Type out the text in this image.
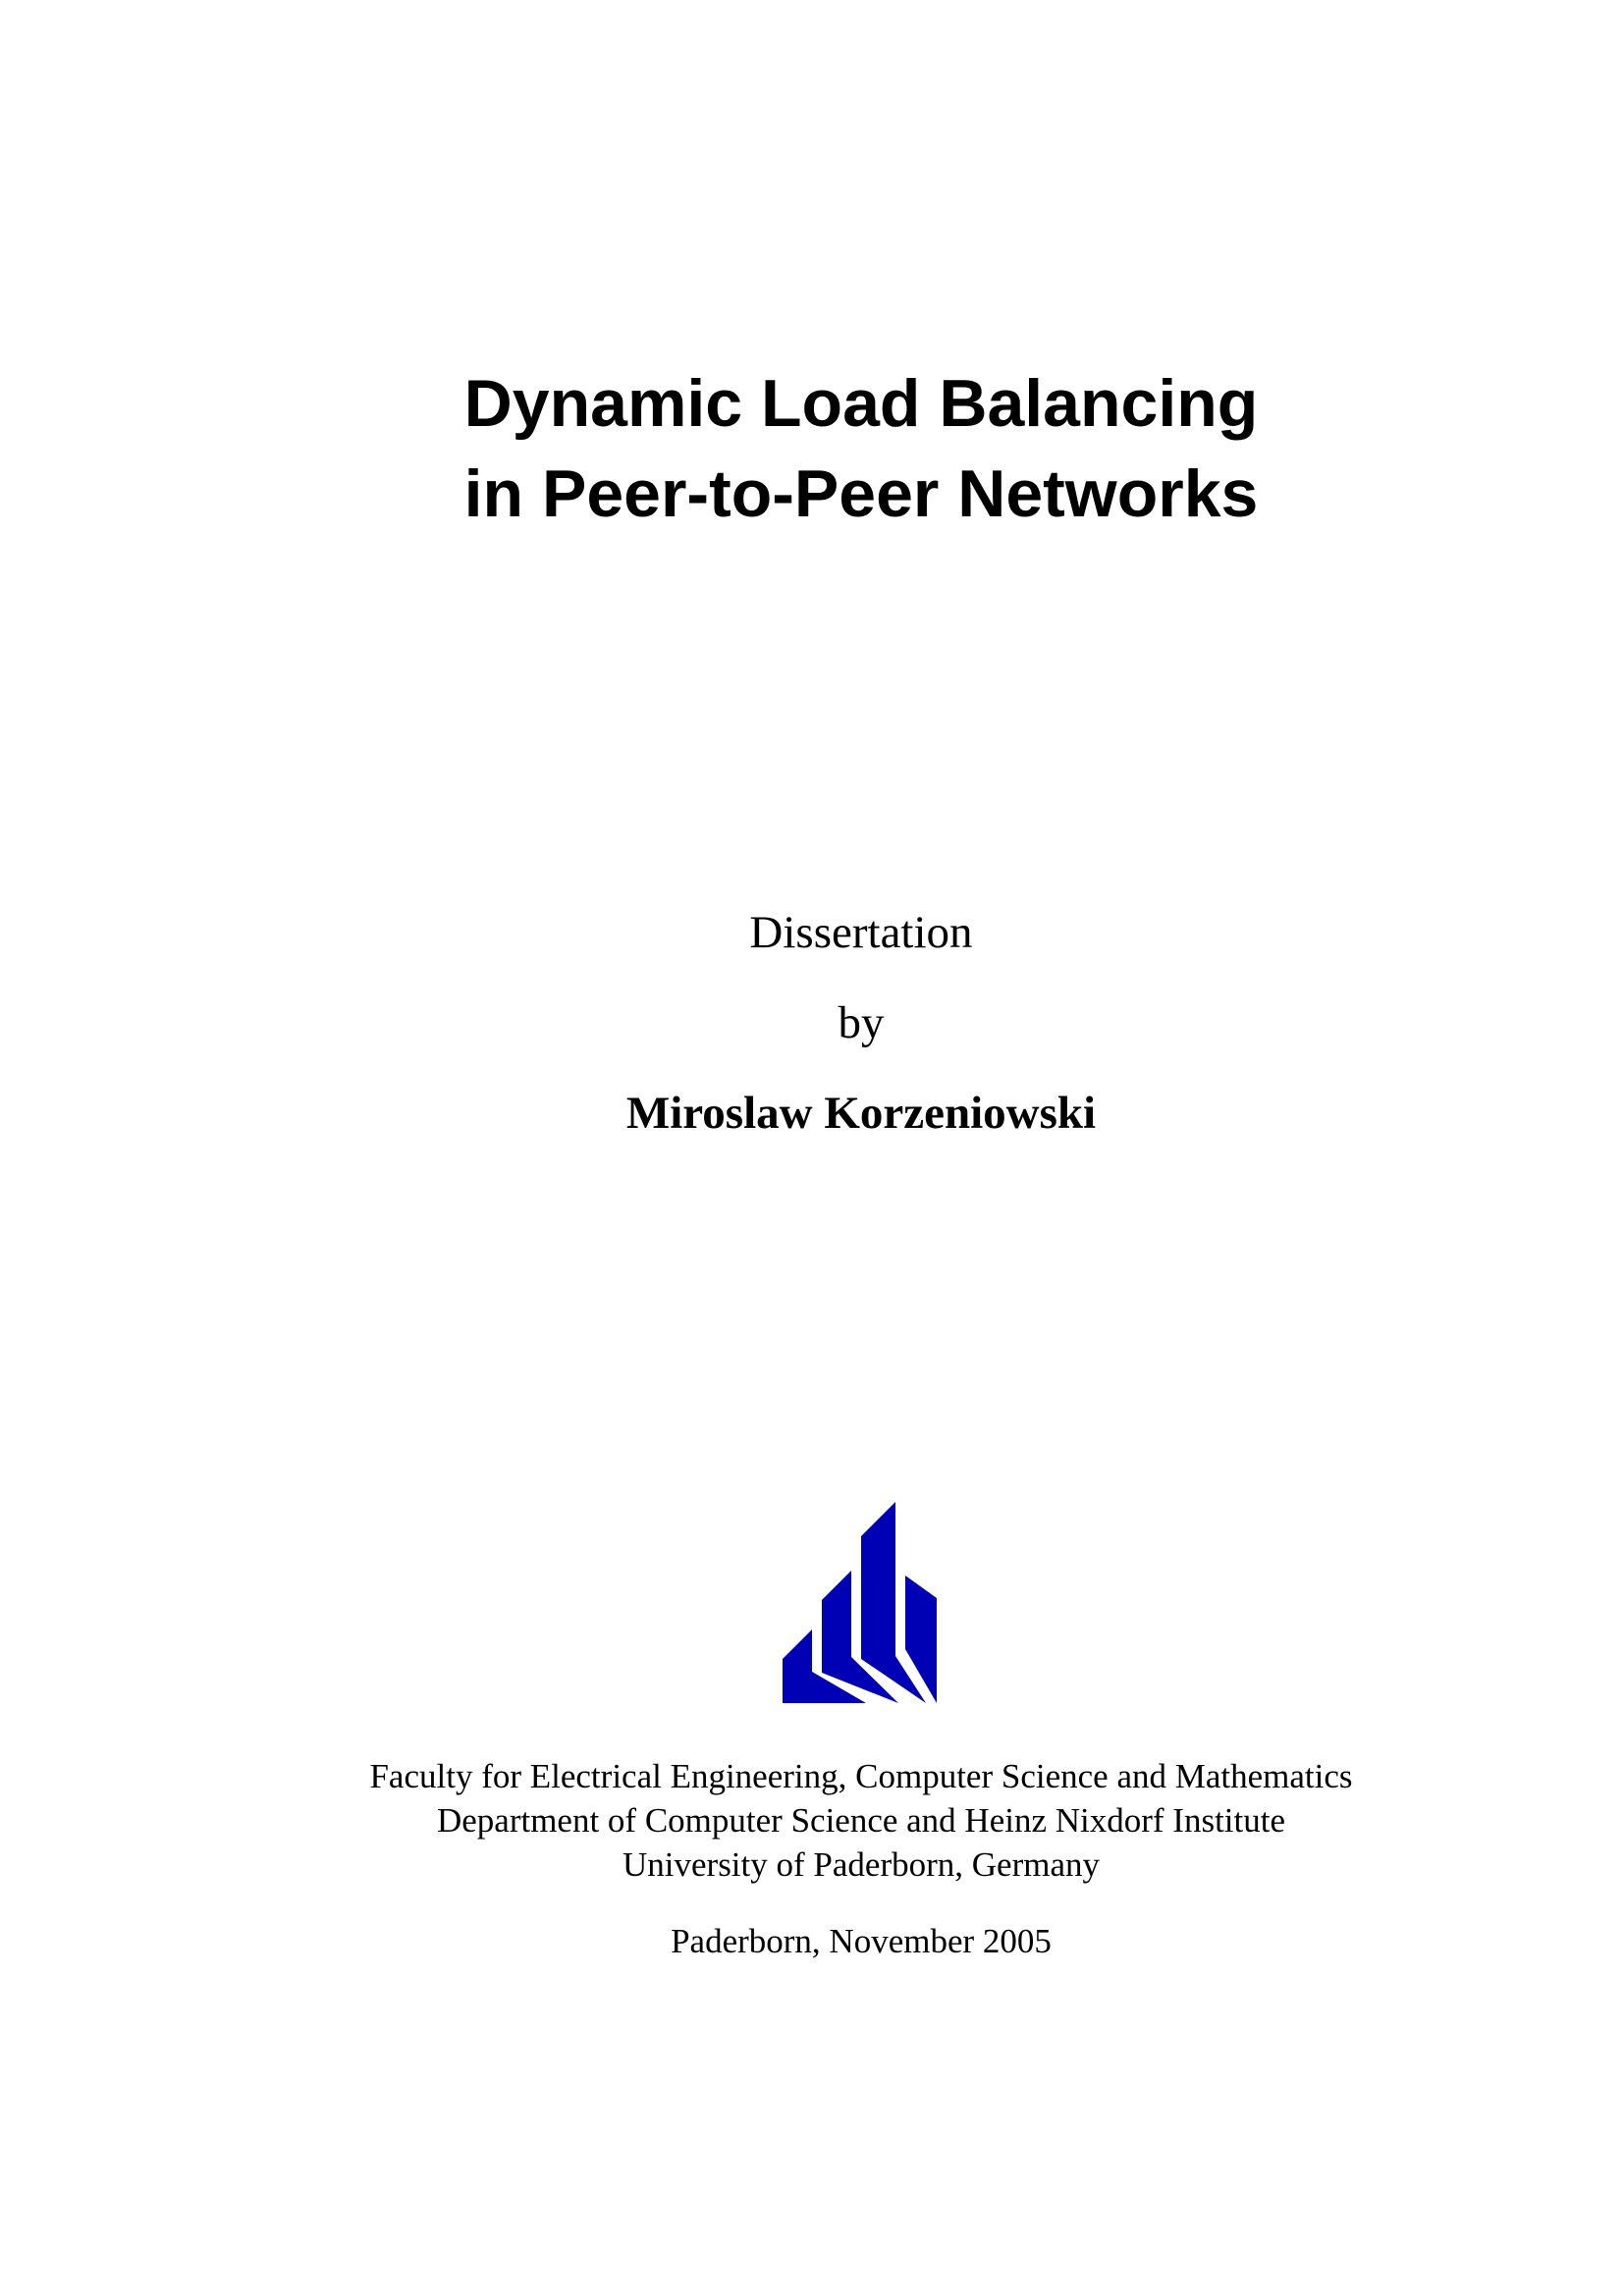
Dynamic Load Balancing
in Peer-to-Peer Networks

Dissertation

by

Miroslaw Korzeniowski

Faculty for Electrical Engineering, Computer Science and Mathematics
Department of Computer Science and Heinz Nixdorf Institute
University of Paderborn, Germany

Paderborn, November 2005
